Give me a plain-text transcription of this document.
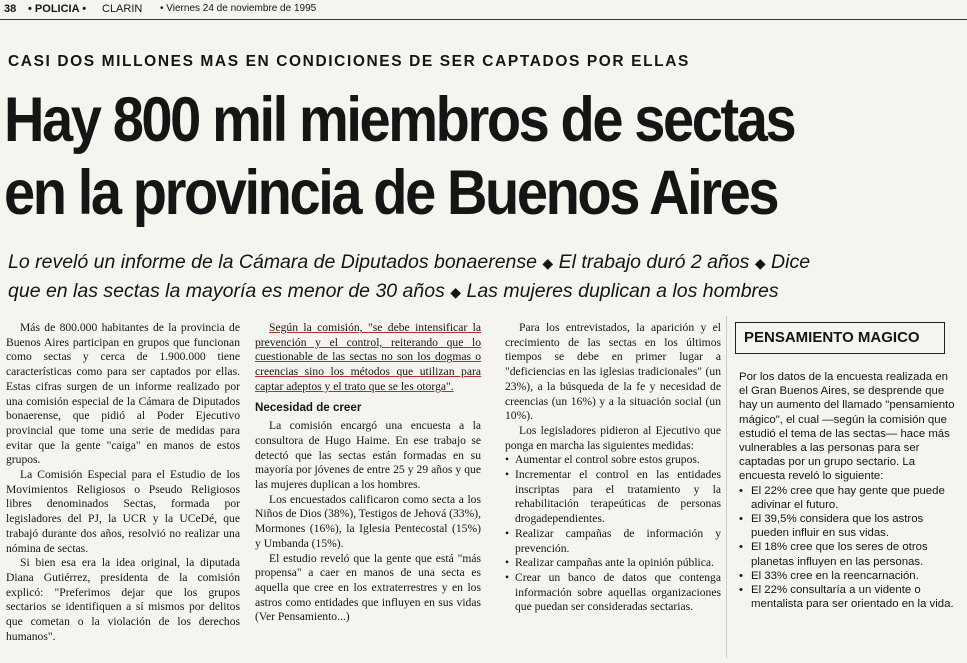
38 • POLICIA • CLARIN • Viernes 24 de noviembre de 1995
CASI DOS MILLONES MAS EN CONDICIONES DE SER CAPTADOS POR ELLAS
Hay 800 mil miembros de sectas
en la provincia de Buenos Aires
Lo reveló un informe de la Cámara de Diputados bonaerense ◆ El trabajo duró 2 años ◆ Dice
que en las sectas la mayoría es menor de 30 años ◆ Las mujeres duplican a los hombres

Más de 800.000 habitantes de la provincia de Buenos Aires participan en grupos que funcionan como sectas y cerca de 1.900.000 tiene características como para ser captados por ellas. Estas cifras surgen de un informe realizado por una comisión especial de la Cámara de Diputados bonaerense, que pidió al Poder Ejecutivo provincial que tome una serie de medidas para evitar que la gente "caiga" en manos de estos grupos.

La Comisión Especial para el Estudio de los Movimientos Religiosos o Pseudo Religiosos libres denominados Sectas, formada por legisladores del PJ, la UCR y la UCeDé, que trabajó durante dos años, resolvió no realizar una nómina de sectas.

Si bien esa era la idea original, la diputada Diana Gutiérrez, presidenta de la comisión explicó: "Preferimos dejar que los grupos sectarios se identifiquen a sí mismos por delitos que cometan o la violación de los derechos humanos".

Según la comisión, "se debe intensificar la prevención y el control, reiterando que lo cuestionable de las sectas no son los dogmas o creencias sino los métodos que utilizan para captar adeptos y el trato que se les otorga".

Necesidad de creer

La comisión encargó una encuesta a la consultora de Hugo Haime. En ese trabajo se detectó que las sectas están formadas en su mayoría por jóvenes de entre 25 y 29 años y que las mujeres duplican a los hombres.

Los encuestados calificaron como secta a los Niños de Dios (38%), Testigos de Jehová (33%), Mormones (16%), la Iglesia Pentecostal (15%) y Umbanda (15%).

El estudio reveló que la gente que está "más propensa" a caer en manos de una secta es aquella que cree en los extraterrestres y en los astros como entidades que influyen en sus vidas (Ver Pensamiento...)

Para los entrevistados, la aparición y el crecimiento de las sectas en los últimos tiempos se debe en primer lugar a "deficiencias en las iglesias tradicionales" (un 23%), a la búsqueda de la fe y necesidad de creencias (un 16%) y a la situación social (un 10%).

Los legisladores pidieron al Ejecutivo que ponga en marcha las siguientes medidas:

• Aumentar el control sobre estos grupos.
• Incrementar el control en las entidades inscriptas para el tratamiento y la rehabilitación terapeúticas de personas drogadependientes.
• Realizar campañas de información y prevención.
• Realizar campañas ante la opinión pública.
• Crear un banco de datos que contenga información sobre aquellas organizaciones que puedan ser consideradas sectarias.
PENSAMIENTO MAGICO
Por los datos de la encuesta realizada en el Gran Buenos Aires, se desprende que hay un aumento del llamado "pensamiento mágico", el cual —según la comisión que estudió el tema de las sectas— hace más vulnerables a las personas para ser captadas por un grupo sectario. La encuesta reveló lo siguiente:
• El 22% cree que hay gente que puede adivinar el futuro.
• El 39,5% considera que los astros pueden influir en sus vidas.
• El 18% cree que los seres de otros planetas influyen en las personas.
• El 33% cree en la reencarnación.
• El 22% consultaría a un vidente o mentalista para ser orientado en la vida.
